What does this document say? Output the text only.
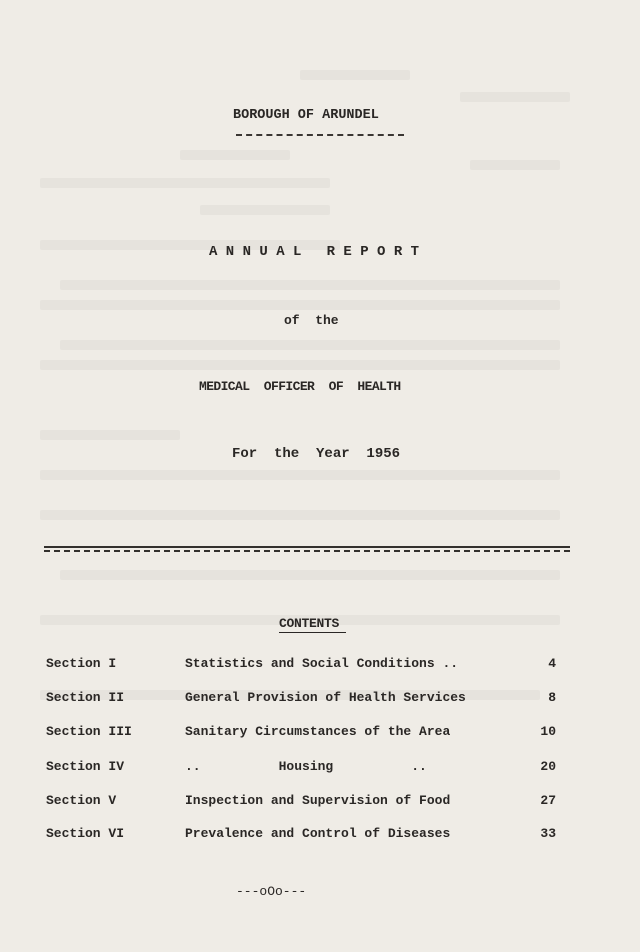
BOROUGH OF ARUNDEL
A N N U A L   R E P O R T
of  the
MEDICAL  OFFICER  OF  HEALTH
For  the  Year  1956
CONTENTS
Section I	Statistics and Social Conditions ..	4
Section II	General Provision of Health Services	8
Section III	Sanitary Circumstances of the Area	10
Section IV	..          Housing          ..	20
Section V	Inspection and Supervision of Food	27
Section VI	Prevalence and Control of Diseases	33
---oOo---
